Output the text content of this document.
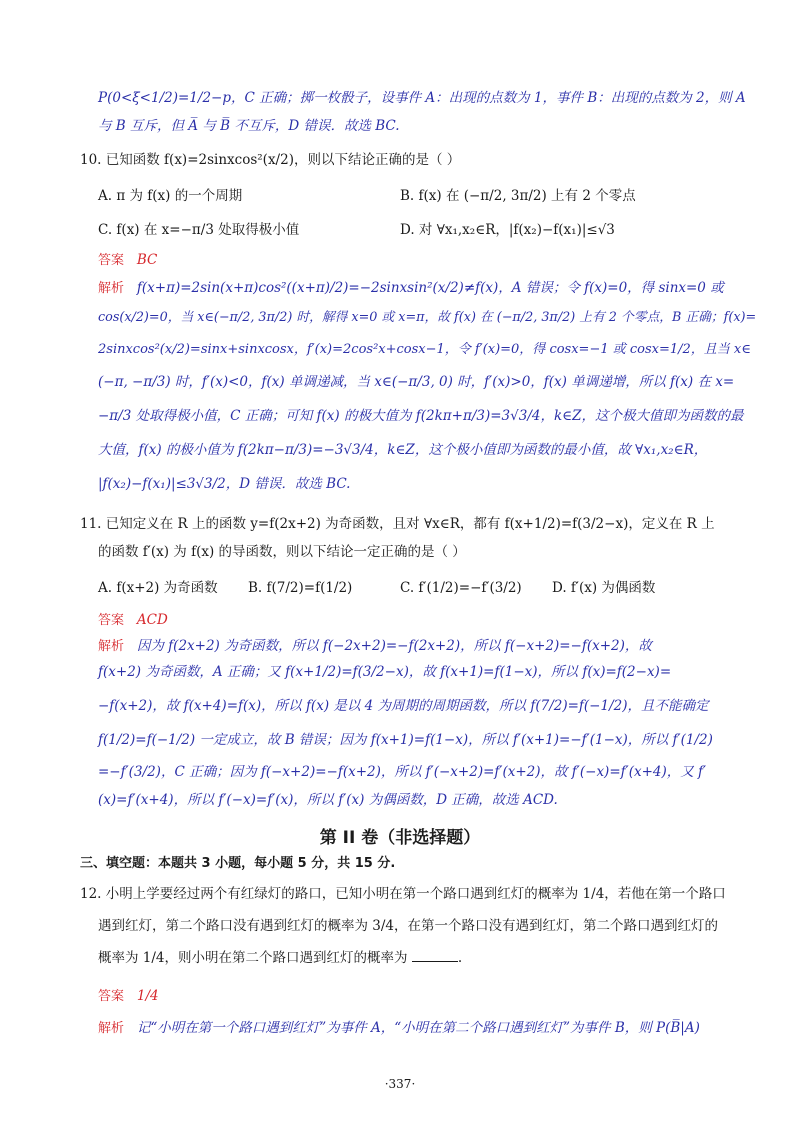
P(0<ξ<1/2)=1/2−p，C 正确；掷一枚骰子，设事件 A：出现的点数为 1，事件 B：出现的点数为 2，则 A
与 B 互斥，但 A̅ 与 B̅ 不互斥，D 错误．故选 BC.
10. 已知函数 f(x)=2sinxcos²(x/2)，则以下结论正确的是（ ）
A. π 为 f(x) 的一个周期	B. f(x) 在 (−π/2, 3π/2) 上有 2 个零点
C. f(x) 在 x=−π/3 处取得极小值	D. 对 ∀x₁,x₂∈R，|f(x₂)−f(x₁)|≤√3
答案 BC
解析 f(x+π)=2sin(x+π)cos²((x+π)/2)=−2sinxsin²(x/2)≠f(x)，A 错误；令 f(x)=0，得 sinx=0 或
cos(x/2)=0，当 x∈(−π/2, 3π/2) 时，解得 x=0 或 x=π，故 f(x) 在 (−π/2, 3π/2) 上有 2 个零点，B 正确；f(x)=
2sinxcos²(x/2)=sinx+sinxcosx，f′(x)=2cos²x+cosx−1，令 f′(x)=0，得 cosx=−1 或 cosx=1/2，且当 x∈
(−π, −π/3) 时，f′(x)<0，f(x) 单调递减，当 x∈(−π/3, 0) 时，f′(x)>0，f(x) 单调递增，所以 f(x) 在 x=
−π/3 处取得极小值，C 正确；可知 f(x) 的极大值为 f(2kπ+π/3)=3√3/4，k∈Z，这个极大值即为函数的最
大值，f(x) 的极小值为 f(2kπ−π/3)=−3√3/4，k∈Z，这个极小值即为函数的最小值，故 ∀x₁,x₂∈R，
|f(x₂)−f(x₁)|≤3√3/2，D 错误．故选 BC.
11. 已知定义在 R 上的函数 y=f(2x+2) 为奇函数，且对 ∀x∈R，都有 f(x+1/2)=f(3/2−x)，定义在 R 上
的函数 f′(x) 为 f(x) 的导函数，则以下结论一定正确的是（ ）
A. f(x+2) 为奇函数 B. f(7/2)=f(1/2)	C. f′(1/2)=−f′(3/2) D. f′(x) 为偶函数
答案 ACD
解析 因为 f(2x+2) 为奇函数，所以 f(−2x+2)=−f(2x+2)，所以 f(−x+2)=−f(x+2)，故
f(x+2) 为奇函数，A 正确；又 f(x+1/2)=f(3/2−x)，故 f(x+1)=f(1−x)，所以 f(x)=f(2−x)=
−f(x+2)，故 f(x+4)=f(x)，所以 f(x) 是以 4 为周期的周期函数，所以 f(7/2)=f(−1/2)，且不能确定
f(1/2)=f(−1/2) 一定成立，故 B 错误；因为 f(x+1)=f(1−x)，所以 f′(x+1)=−f′(1−x)，所以 f′(1/2)
=−f′(3/2)，C 正确；因为 f(−x+2)=−f(x+2)，所以 f′(−x+2)=f′(x+2)，故 f′(−x)=f′(x+4)，又 f′
(x)=f′(x+4)，所以 f′(−x)=f′(x)，所以 f′(x) 为偶函数，D 正确，故选 ACD.
第 II 卷（非选择题）
三、填空题：本题共 3 小题，每小题 5 分，共 15 分.
12. 小明上学要经过两个有红绿灯的路口，已知小明在第一个路口遇到红灯的概率为 1/4，若他在第一个路口
遇到红灯，第二个路口没有遇到红灯的概率为 3/4，在第一个路口没有遇到红灯，第二个路口遇到红灯的
概率为 1/4，则小明在第二个路口遇到红灯的概率为	.
答案 1/4
解析 记“小明在第一个路口遇到红灯”为事件 A，“小明在第二个路口遇到红灯”为事件 B，则 P(B̅|A)
·337·
